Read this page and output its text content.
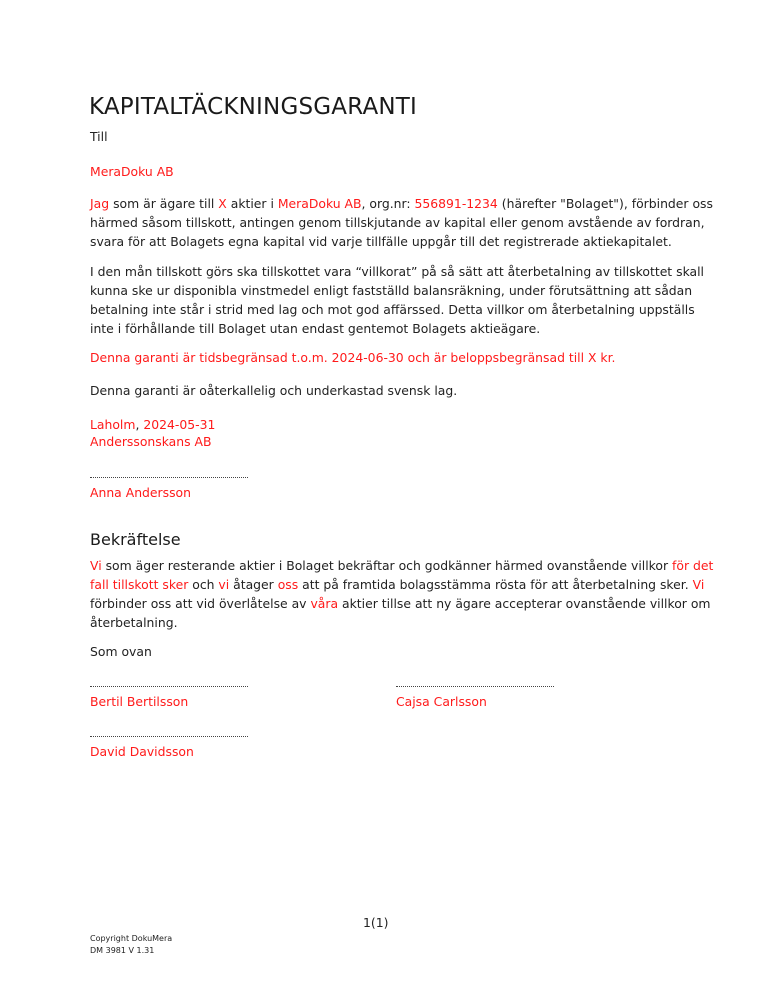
KAPITALTÄCKNINGSGARANTI
Till
MeraDoku AB
Jag som är ägare till X aktier i MeraDoku AB, org.nr: 556891-1234 (härefter "Bolaget"), förbinder oss
härmed såsom tillskott, antingen genom tillskjutande av kapital eller genom avstående av fordran,
svara för att Bolagets egna kapital vid varje tillfälle uppgår till det registrerade aktiekapitalet.
I den mån tillskott görs ska tillskottet vara “villkorat” på så sätt att återbetalning av tillskottet skall
kunna ske ur disponibla vinstmedel enligt fastställd balansräkning, under förutsättning att sådan
betalning inte står i strid med lag och mot god affärssed. Detta villkor om återbetalning uppställs
inte i förhållande till Bolaget utan endast gentemot Bolagets aktieägare.
Denna garanti är tidsbegränsad t.o.m. 2024-06-30 och är beloppsbegränsad till X kr.
Denna garanti är oåterkallelig och underkastad svensk lag.
Laholm, 2024-05-31
Anderssonskans AB
Anna Andersson
Bekräftelse
Vi som äger resterande aktier i Bolaget bekräftar och godkänner härmed ovanstående villkor för det
fall tillskott sker och vi åtager oss att på framtida bolagsstämma rösta för att återbetalning sker. Vi
förbinder oss att vid överlåtelse av våra aktier tillse att ny ägare accepterar ovanstående villkor om
återbetalning.
Som ovan
Bertil Bertilsson	Cajsa Carlsson
David Davidsson
1(1)
Copyright DokuMera
DM 3981 V 1.31
